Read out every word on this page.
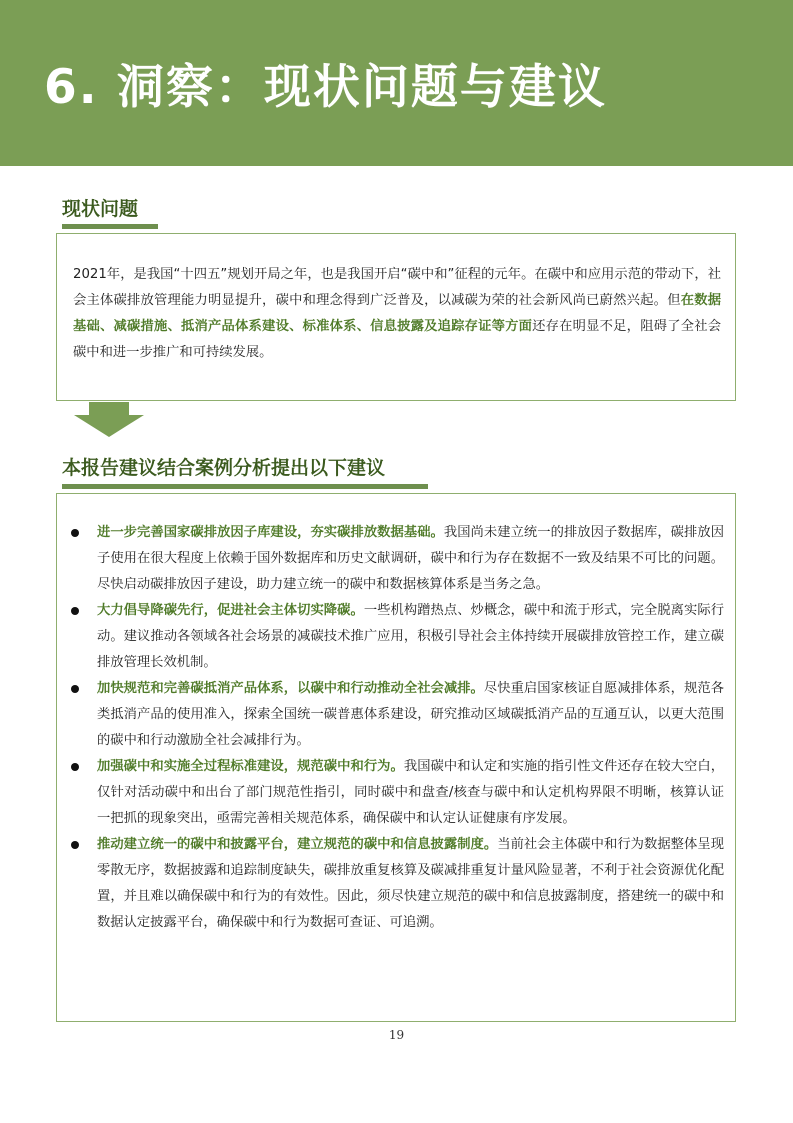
6. 洞察：现状问题与建议
现状问题

2021年，是我国“十四五”规划开局之年，也是我国开启“碳中和”征程的元年。在碳中和应用示范的带动下，社会主体碳排放管理能力明显提升，碳中和理念得到广泛普及，以减碳为荣的社会新风尚已蔚然兴起。但在数据基础、减碳措施、抵消产品体系建设、标准体系、信息披露及追踪存证等方面还存在明显不足，阻碍了全社会碳中和进一步推广和可持续发展。

本报告建议结合案例分析提出以下建议

进一步完善国家碳排放因子库建设，夯实碳排放数据基础。我国尚未建立统一的排放因子数据库，碳排放因子使用在很大程度上依赖于国外数据库和历史文献调研，碳中和行为存在数据不一致及结果不可比的问题。尽快启动碳排放因子建设，助力建立统一的碳中和数据核算体系是当务之急。

大力倡导降碳先行，促进社会主体切实降碳。一些机构蹭热点、炒概念，碳中和流于形式，完全脱离实际行动。建议推动各领域各社会场景的减碳技术推广应用，积极引导社会主体持续开展碳排放管控工作，建立碳排放管理长效机制。

加快规范和完善碳抵消产品体系，以碳中和行动推动全社会减排。尽快重启国家核证自愿减排体系，规范各类抵消产品的使用准入，探索全国统一碳普惠体系建设，研究推动区域碳抵消产品的互通互认，以更大范围的碳中和行动激励全社会减排行为。

加强碳中和实施全过程标准建设，规范碳中和行为。我国碳中和认定和实施的指引性文件还存在较大空白，仅针对活动碳中和出台了部门规范性指引，同时碳中和盘查/核查与碳中和认定机构界限不明晰，核算认证一把抓的现象突出，亟需完善相关规范体系，确保碳中和认定认证健康有序发展。

推动建立统一的碳中和披露平台，建立规范的碳中和信息披露制度。当前社会主体碳中和行为数据整体呈现零散无序，数据披露和追踪制度缺失，碳排放重复核算及碳减排重复计量风险显著，不利于社会资源优化配置，并且难以确保碳中和行为的有效性。因此，须尽快建立规范的碳中和信息披露制度，搭建统一的碳中和数据认定披露平台，确保碳中和行为数据可查证、可追溯。

19
